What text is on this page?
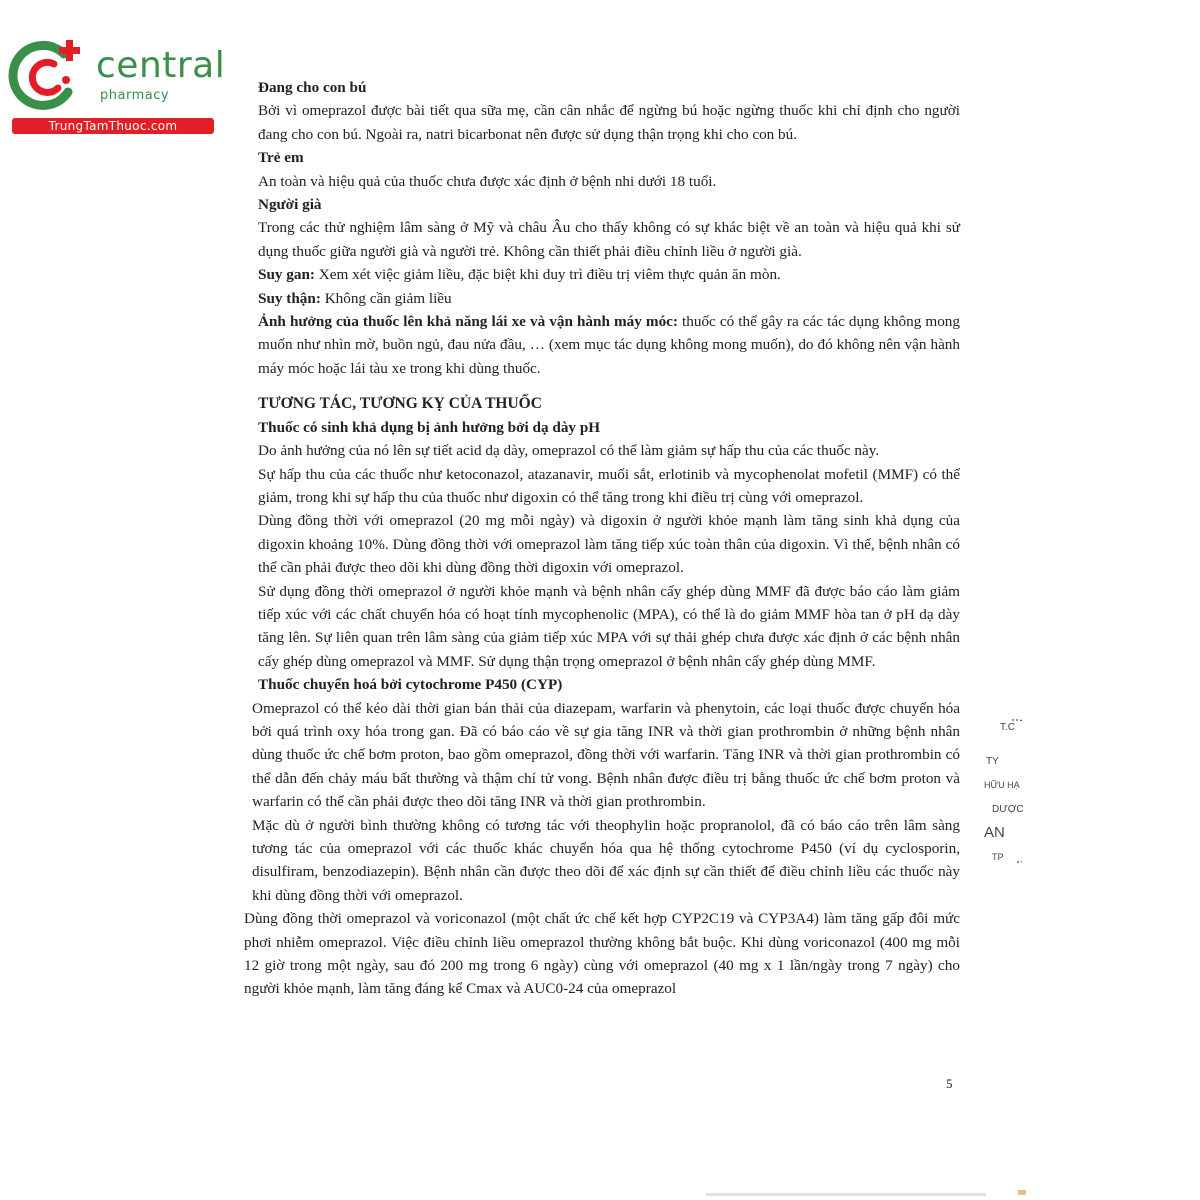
central
pharmacy
TrungTamThuoc.com

Đang cho con bú

Bởi vì omeprazol được bài tiết qua sữa mẹ, cần cân nhắc để ngừng bú hoặc ngừng thuốc khi chỉ định cho người đang cho con bú. Ngoài ra, natri bicarbonat nên được sử dụng thận trọng khi cho con bú.

Trẻ em

An toàn và hiệu quả của thuốc chưa được xác định ở bệnh nhi dưới 18 tuổi.

Người già

Trong các thử nghiệm lâm sàng ở Mỹ và châu Âu cho thấy không có sự khác biệt về an toàn và hiệu quả khi sử dụng thuốc giữa người già và người trẻ. Không cần thiết phải điều chỉnh liều ở người già.

Suy gan: Xem xét việc giảm liều, đặc biệt khi duy trì điều trị viêm thực quản ăn mòn.

Suy thận: Không cần giảm liều

Ảnh hưởng của thuốc lên khả năng lái xe và vận hành máy móc: thuốc có thể gây ra các tác dụng không mong muốn như nhìn mờ, buồn ngủ, đau nửa đầu, … (xem mục tác dụng không mong muốn), do đó không nên vận hành máy móc hoặc lái tàu xe trong khi dùng thuốc.

TƯƠNG TÁC, TƯƠNG KỴ CỦA THUỐC

Thuốc có sinh khả dụng bị ảnh hưởng bởi dạ dày pH

Do ảnh hưởng của nó lên sự tiết acid dạ dày, omeprazol có thể làm giảm sự hấp thu của các thuốc này.

Sự hấp thu của các thuốc như ketoconazol, atazanavir, muối sắt, erlotinib và mycophenolat mofetil (MMF) có thể giảm, trong khi sự hấp thu của thuốc như digoxin có thể tăng trong khi điều trị cùng với omeprazol.

Dùng đồng thời với omeprazol (20 mg mỗi ngày) và digoxin ở người khỏe mạnh làm tăng sinh khả dụng của digoxin khoảng 10%. Dùng đồng thời với omeprazol làm tăng tiếp xúc toàn thân của digoxin. Vì thế, bệnh nhân có thể cần phải được theo dõi khi dùng đồng thời digoxin với omeprazol.

Sử dụng đồng thời omeprazol ở người khỏe mạnh và bệnh nhân cấy ghép dùng MMF đã được báo cáo làm giảm tiếp xúc với các chất chuyển hóa có hoạt tính mycophenolic (MPA), có thể là do giảm MMF hòa tan ở pH dạ dày tăng lên. Sự liên quan trên lâm sàng của giảm tiếp xúc MPA với sự thải ghép chưa được xác định ở các bệnh nhân cấy ghép dùng omeprazol và MMF. Sử dụng thận trọng omeprazol ở bệnh nhân cấy ghép dùng MMF.

Thuốc chuyển hoá bởi cytochrome P450 (CYP)

Omeprazol có thể kéo dài thời gian bán thải của diazepam, warfarin và phenytoin, các loại thuốc được chuyển hóa bởi quá trình oxy hóa trong gan. Đã có báo cáo về sự gia tăng INR và thời gian prothrombin ở những bệnh nhân dùng thuốc ức chế bơm proton, bao gồm omeprazol, đồng thời với warfarin. Tăng INR và thời gian prothrombin có thể dẫn đến chảy máu bất thường và thậm chí tử vong. Bệnh nhân được điều trị bằng thuốc ức chế bơm proton và warfarin có thể cần phải được theo dõi tăng INR và thời gian prothrombin.

Mặc dù ở người bình thường không có tương tác với theophylin hoặc propranolol, đã có báo cáo trên lâm sàng tương tác của omeprazol với các thuốc khác chuyển hóa qua hệ thống cytochrome P450 (ví dụ cyclosporin, disulfiram, benzodiazepin). Bệnh nhân cần được theo dõi để xác định sự cần thiết để điều chỉnh liều các thuốc này khi dùng đồng thời với omeprazol.

Dùng đồng thời omeprazol và voriconazol (một chất ức chế kết hợp CYP2C19 và CYP3A4) làm tăng gấp đôi mức phơi nhiễm omeprazol. Việc điều chỉnh liều omeprazol thường không bắt buộc. Khi dùng voriconazol (400 mg mỗi 12 giờ trong một ngày, sau đó 200 mg trong 6 ngày) cùng với omeprazol (40 mg x 1 lần/ngày trong 7 ngày) cho người khỏe mạnh, làm tăng đáng kể Cmax và AUC0-24 của omeprazol

T.C
TY
HỮU HẠ
DƯỢC
AN
TP
5
